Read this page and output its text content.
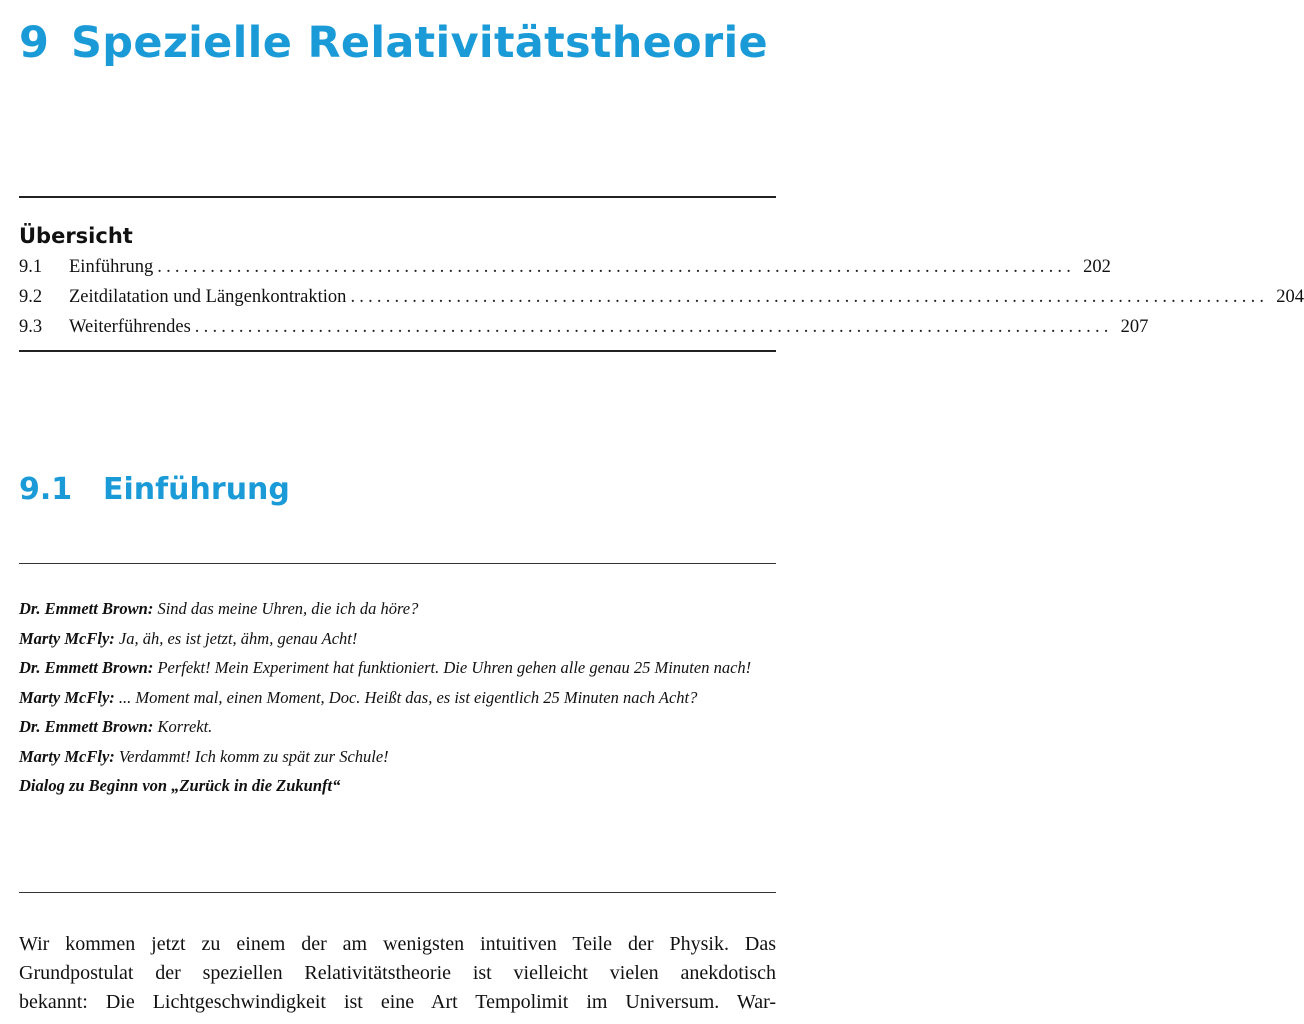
9 Spezielle Relativitätstheorie
Übersicht
9.1	Einführung ........................................................................................................ 202
9.2	Zeitdilatation und Längenkontraktion ........................................................................................................ 204
9.3	Weiterführendes ........................................................................................................ 207
9.1 Einführung

Dr. Emmett Brown: Sind das meine Uhren, die ich da höre?

Marty McFly: Ja, äh, es ist jetzt, ähm, genau Acht!

Dr. Emmett Brown: Perfekt! Mein Experiment hat funktioniert. Die Uhren gehen alle genau 25 Minuten nach!

Marty McFly: ... Moment mal, einen Moment, Doc. Heißt das, es ist eigentlich 25 Minuten nach Acht?

Dr. Emmett Brown: Korrekt.

Marty McFly: Verdammt! Ich komm zu spät zur Schule!

Dialog zu Beginn von „Zurück in die Zukunft“

Wir kommen jetzt zu einem der am wenigsten intuitiven Teile der Physik. Das
Grundpostulat der speziellen Relativitätstheorie ist vielleicht vielen anekdotisch
bekannt: Die Lichtgeschwindigkeit ist eine Art Tempolimit im Universum. War-
